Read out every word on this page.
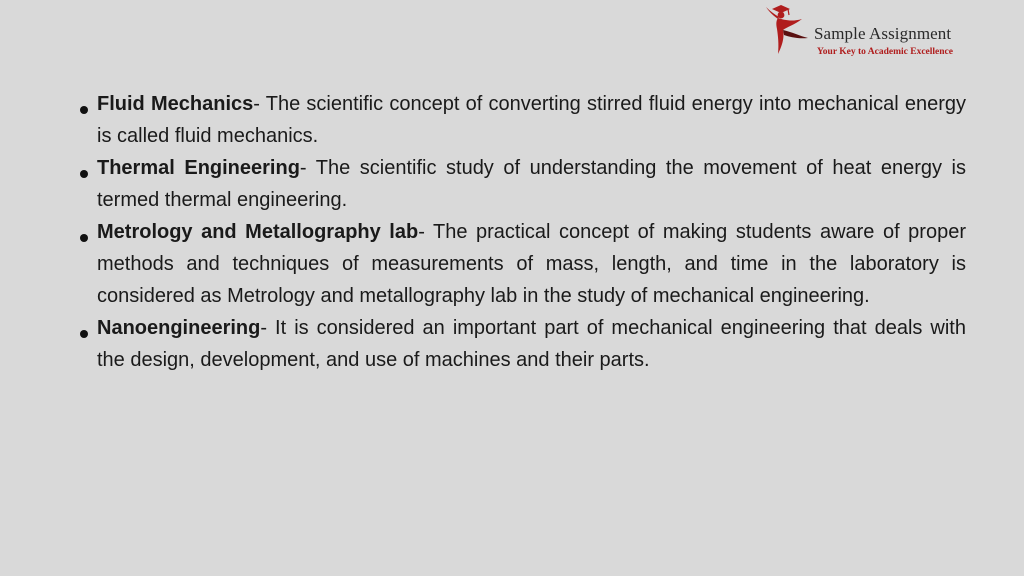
Sample Assignment
Your Key to Academic Excellence
Fluid Mechanics- The scientific concept of converting stirred fluid energy into mechanical energy is called fluid mechanics.
Thermal Engineering- The scientific study of understanding the movement of heat energy is termed thermal engineering.
Metrology and Metallography lab- The practical concept of making students aware of proper methods and techniques of measurements of mass, length, and time in the laboratory is considered as Metrology and metallography lab in the study of mechanical engineering.
Nanoengineering- It is considered an important part of mechanical engineering that deals with the design, development, and use of machines and their parts.
